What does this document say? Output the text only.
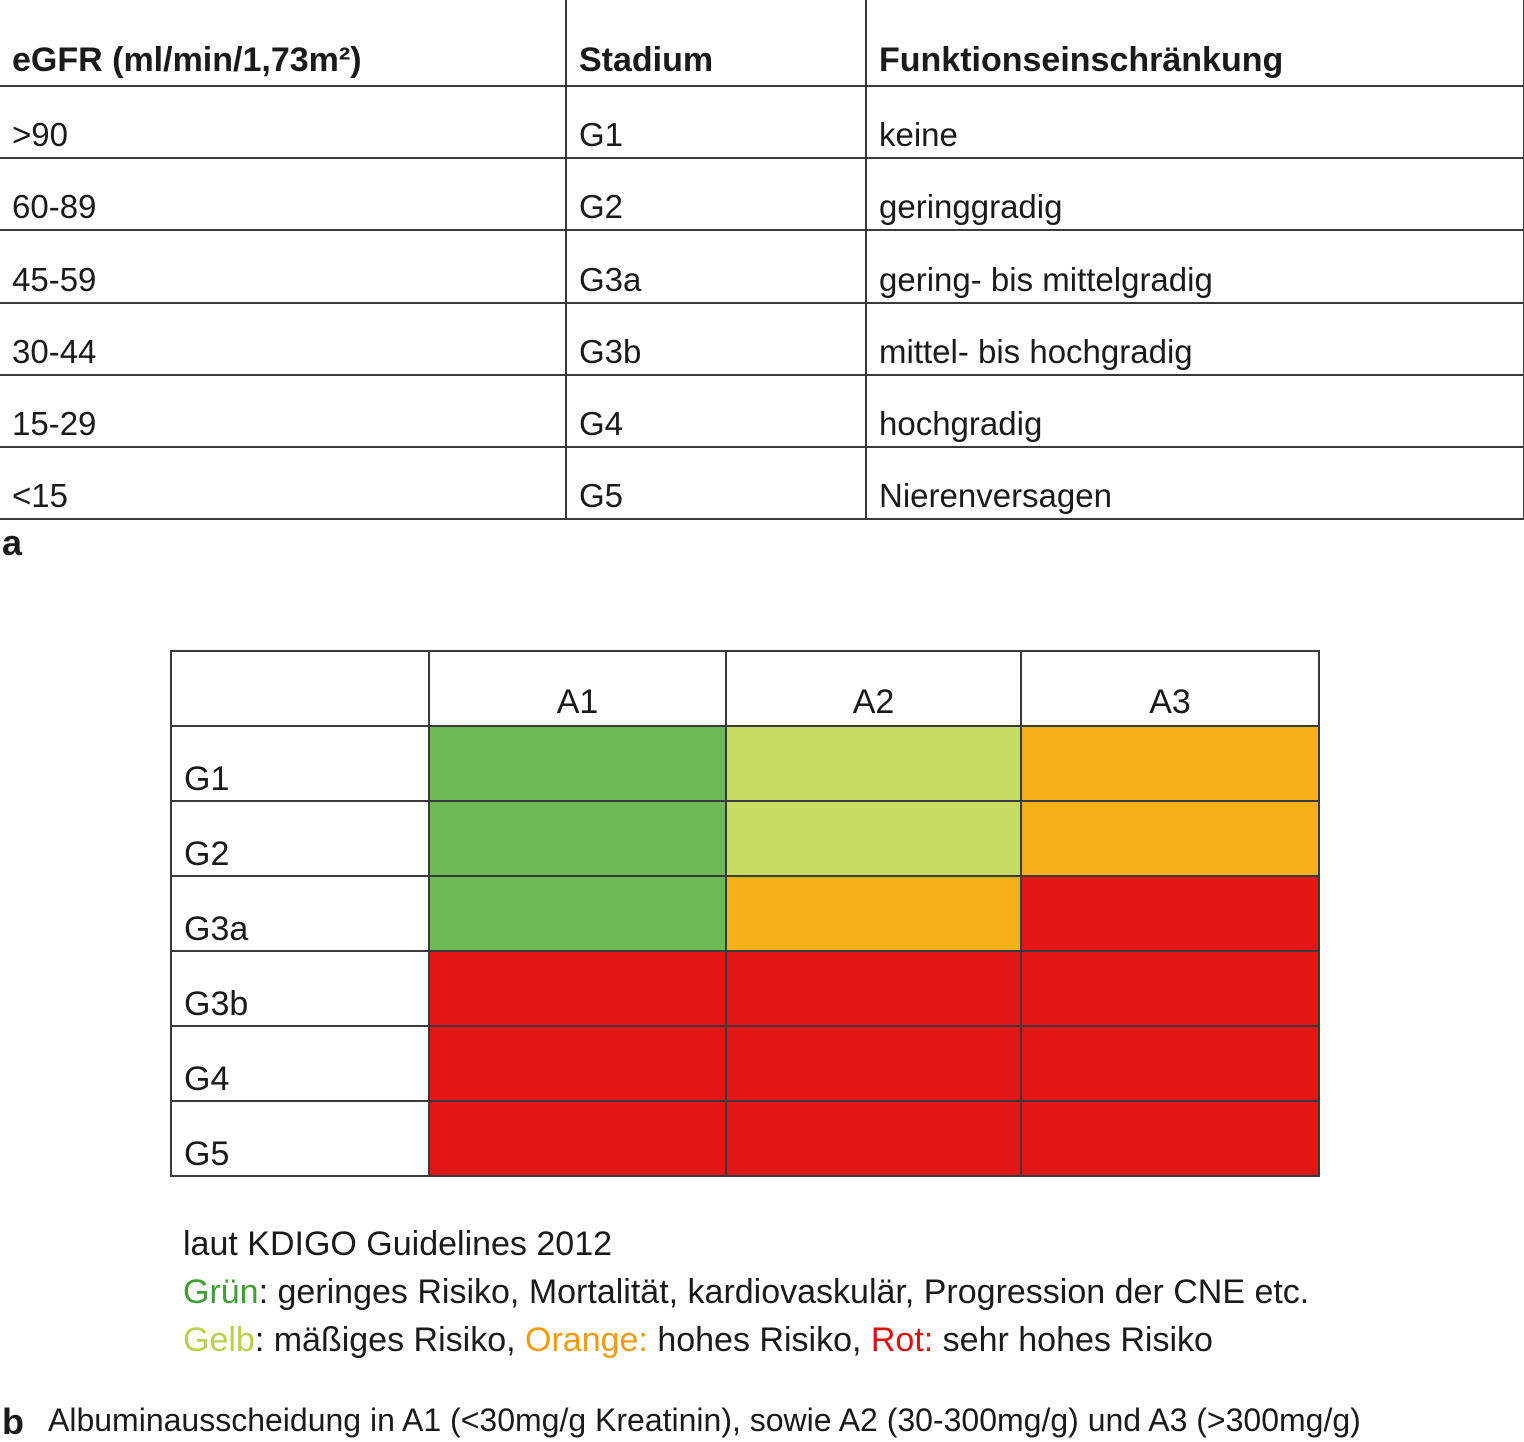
eGFR (ml/min/1,73m²)	Stadium	Funktionseinschränkung
>90	G1	keine
60-89	G2	geringgradig
45-59	G3a	gering- bis mittelgradig
30-44	G3b	mittel- bis hochgradig
15-29	G4	hochgradig
<15	G5	Nierenversagen
a
	A1	A2	A3
G1			
G2			
G3a			
G3b			
G4			
G5			
laut KDIGO Guidelines 2012
Grün: geringes Risiko, Mortalität, kardiovaskulär, Progression der CNE etc.
Gelb: mäßiges Risiko, Orange: hohes Risiko, Rot: sehr hohes Risiko
b Albuminausscheidung in A1 (<30mg/g Kreatinin), sowie A2 (30-300mg/g) und A3 (>300mg/g)
